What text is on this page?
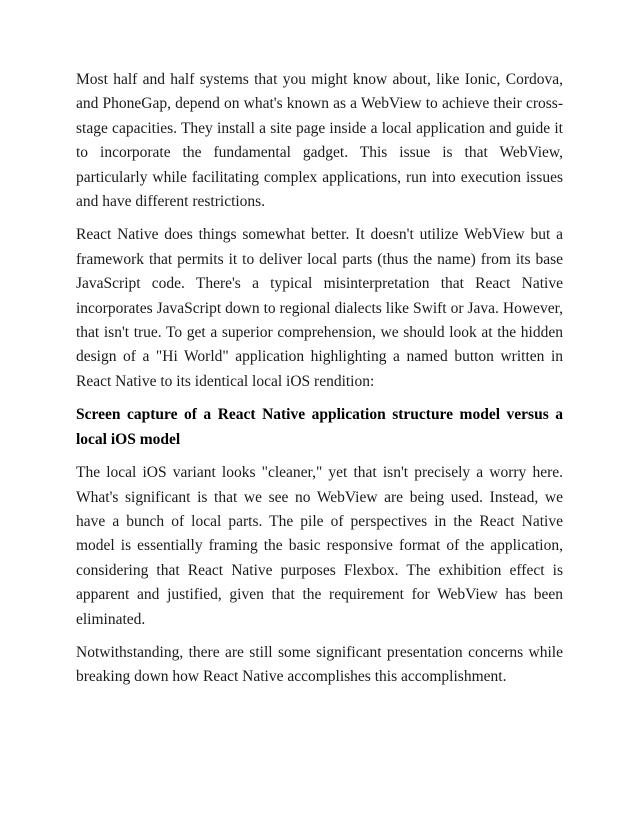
Most half and half systems that you might know about, like Ionic, Cordova, and PhoneGap, depend on what's known as a WebView to achieve their cross-stage capacities. They install a site page inside a local application and guide it to incorporate the fundamental gadget. This issue is that WebView, particularly while facilitating complex applications, run into execution issues and have different restrictions.

React Native does things somewhat better. It doesn't utilize WebView but a framework that permits it to deliver local parts (thus the name) from its base JavaScript code. There's a typical misinterpretation that React Native incorporates JavaScript down to regional dialects like Swift or Java. However, that isn't true. To get a superior comprehension, we should look at the hidden design of a "Hi World" application highlighting a named button written in React Native to its identical local iOS rendition:

Screen capture of a React Native application structure model versus a local iOS model

The local iOS variant looks "cleaner," yet that isn't precisely a worry here. What's significant is that we see no WebView are being used. Instead, we have a bunch of local parts. The pile of perspectives in the React Native model is essentially framing the basic responsive format of the application, considering that React Native purposes Flexbox. The exhibition effect is apparent and justified, given that the requirement for WebView has been eliminated.

Notwithstanding, there are still some significant presentation concerns while breaking down how React Native accomplishes this accomplishment.
